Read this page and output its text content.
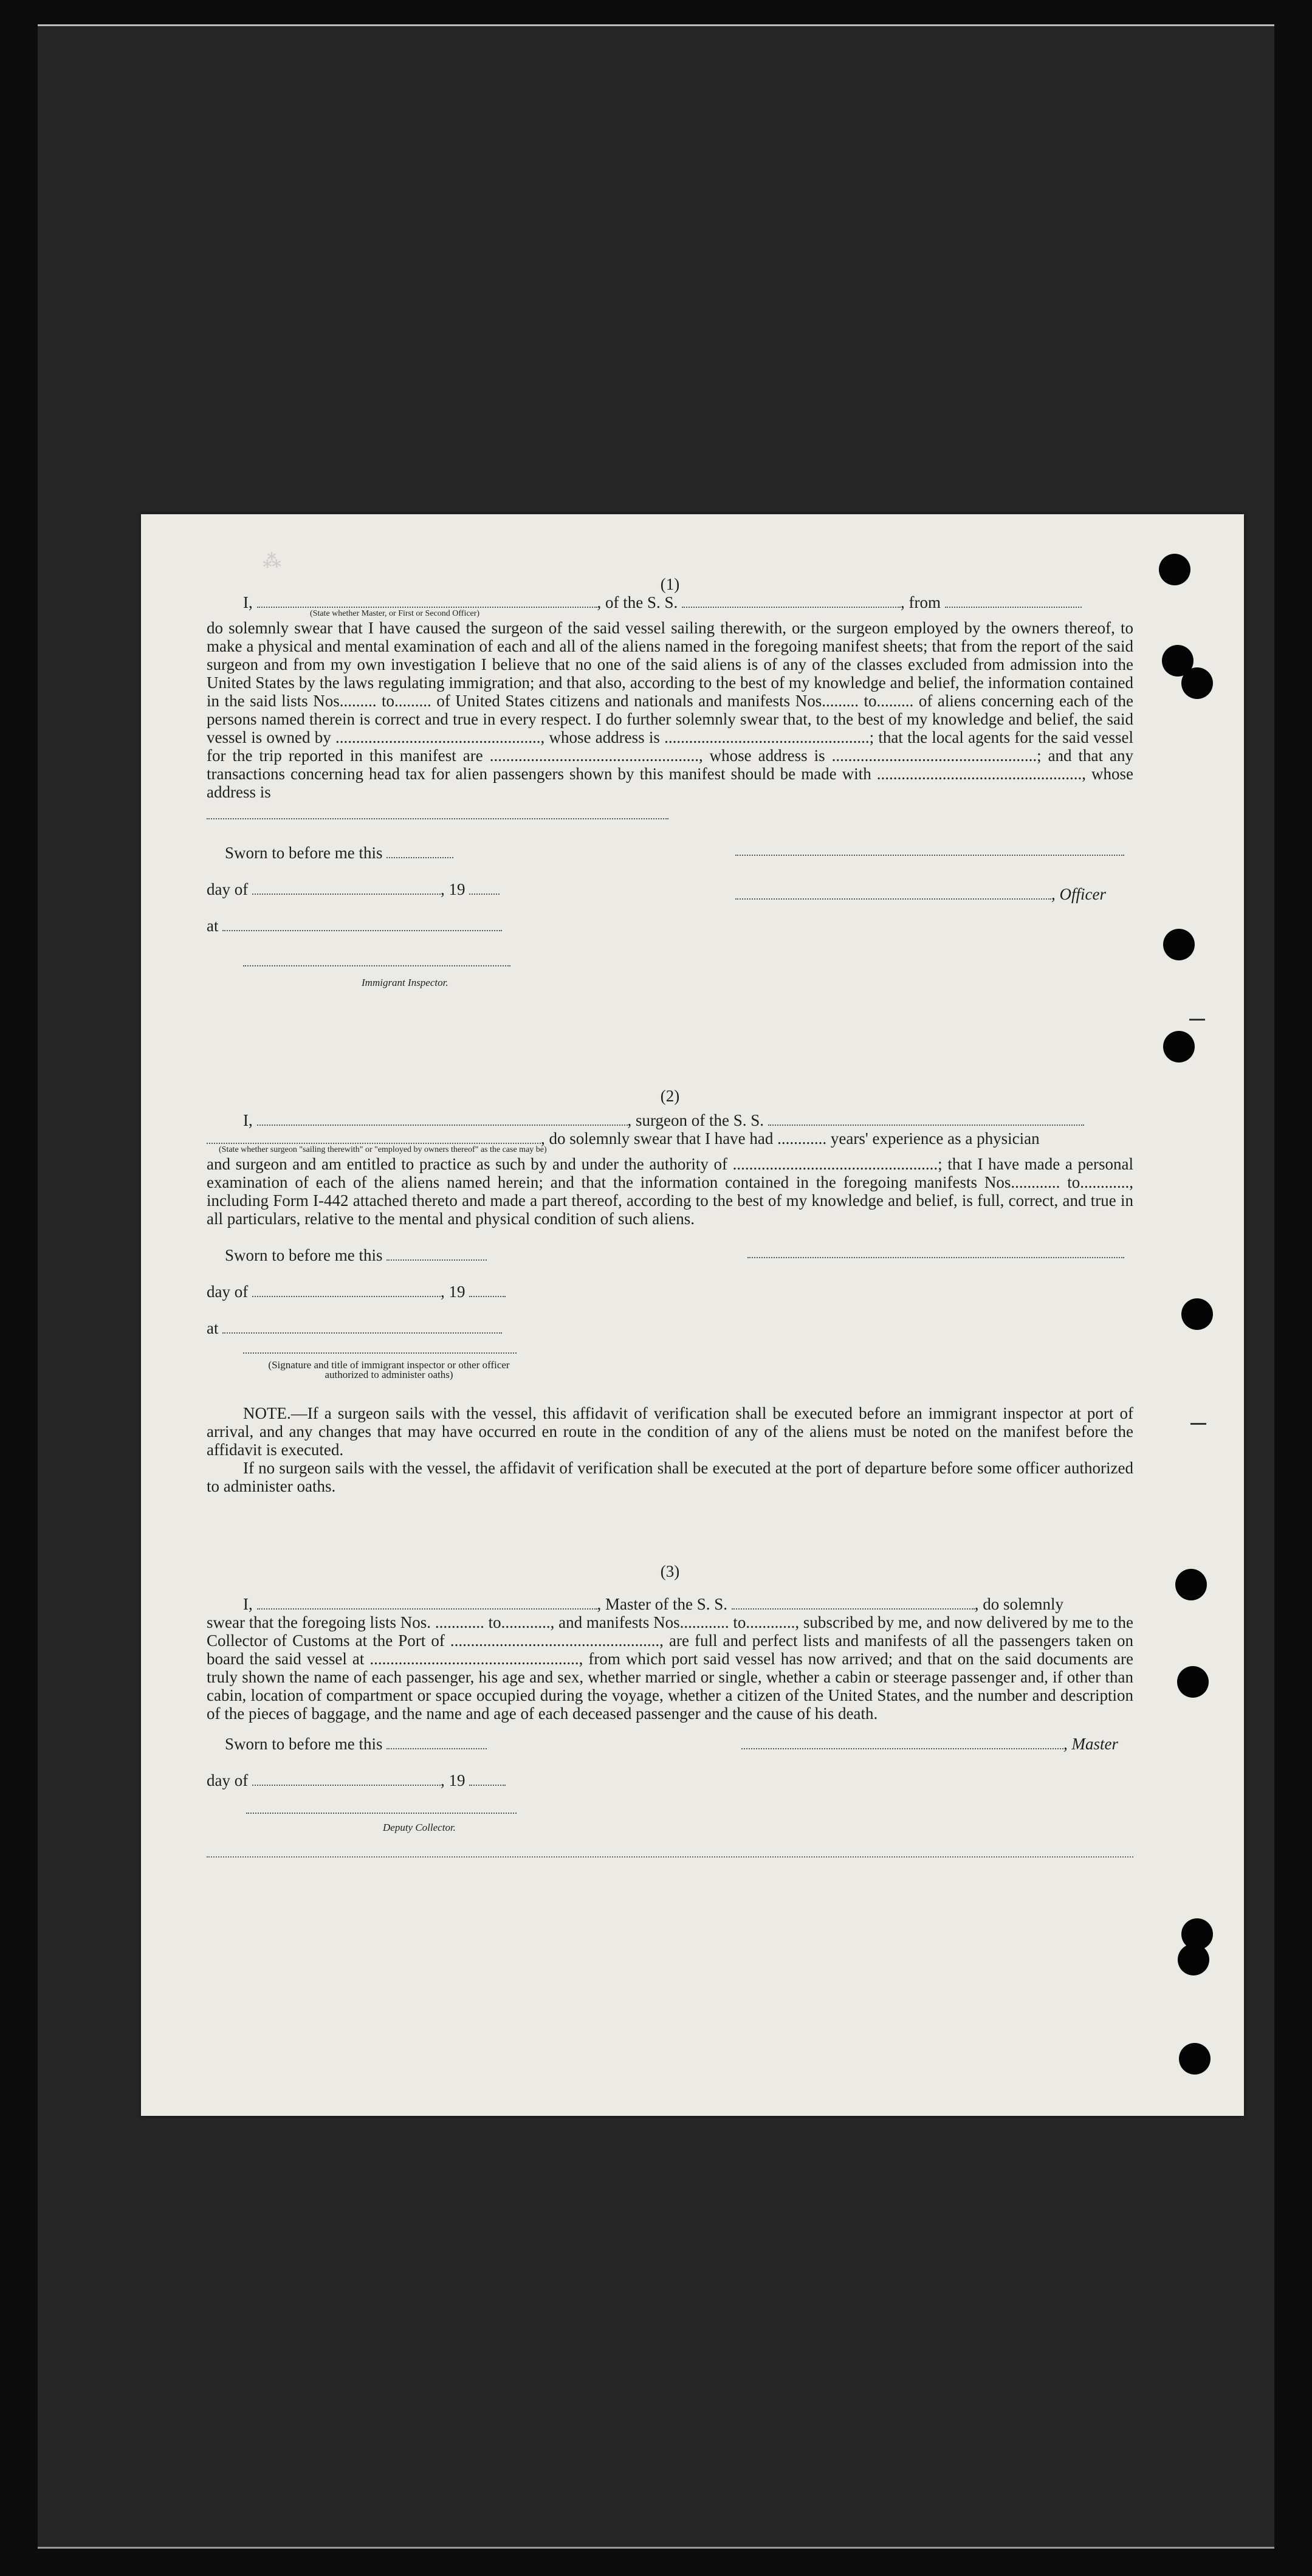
⁂

(1)

I,	, of the S. S.	, from
(State whether Master, or First or Second Officer)

do solemnly swear that I have caused the surgeon of the said vessel sailing therewith, or the surgeon employed by the owners thereof, to make a physical and mental examination of each and all of the aliens named in the foregoing manifest sheets; that from the report of the said surgeon and from my own investigation I believe that no one of the said aliens is of any of the classes excluded from admission into the United States by the laws regulating immigration; and that also, according to the best of my knowledge and belief, the information contained in the said lists Nos......... to......... of United States citizens and nationals and manifests Nos......... to......... of aliens concerning each of the persons named therein is correct and true in every respect. I do further solemnly swear that, to the best of my knowledge and belief, the said vessel is owned by .................................................., whose address is ..................................................; that the local agents for the said vessel for the trip reported in this manifest are ..................................................., whose address is ..................................................; and that any transactions concerning head tax for alien passengers shown by this manifest should be made with .................................................., whose address is

Sworn to before me this
day of	, 19	, Officer
at
Immigrant Inspector.

(2)

I,	, surgeon of the S. S.
, do solemnly swear that I have had ............ years' experience as a physician
(State whether surgeon "sailing therewith" or "employed by owners thereof" as the case may be)

and surgeon and am entitled to practice as such by and under the authority of ..................................................; that I have made a personal examination of each of the aliens named herein; and that the information contained in the foregoing manifests Nos............ to............, including Form I-442 attached thereto and made a part thereof, according to the best of my knowledge and belief, is full, correct, and true in all particulars, relative to the mental and physical condition of such aliens.

Sworn to before me this
day of	, 19
at
(Signature and title of immigrant inspector or other officer authorized to administer oaths)

NOTE.—If a surgeon sails with the vessel, this affidavit of verification shall be executed before an immigrant inspector at port of arrival, and any changes that may have occurred en route in the condition of any of the aliens must be noted on the manifest before the affidavit is executed.

If no surgeon sails with the vessel, the affidavit of verification shall be executed at the port of departure before some officer authorized to administer oaths.

(3)

I,	, Master of the S. S.	, do solemnly

swear that the foregoing lists Nos. ............ to............, and manifests Nos............ to............, subscribed by me, and now delivered by me to the Collector of Customs at the Port of ..................................................., are full and perfect lists and manifests of all the passengers taken on board the said vessel at ..................................................., from which port said vessel has now arrived; and that on the said documents are truly shown the name of each passenger, his age and sex, whether married or single, whether a cabin or steerage passenger and, if other than cabin, location of compartment or space occupied during the voyage, whether a citizen of the United States, and the number and description of the pieces of baggage, and the name and age of each deceased passenger and the cause of his death.

Sworn to before me this	, Master
day of	, 19
Deputy Collector.
